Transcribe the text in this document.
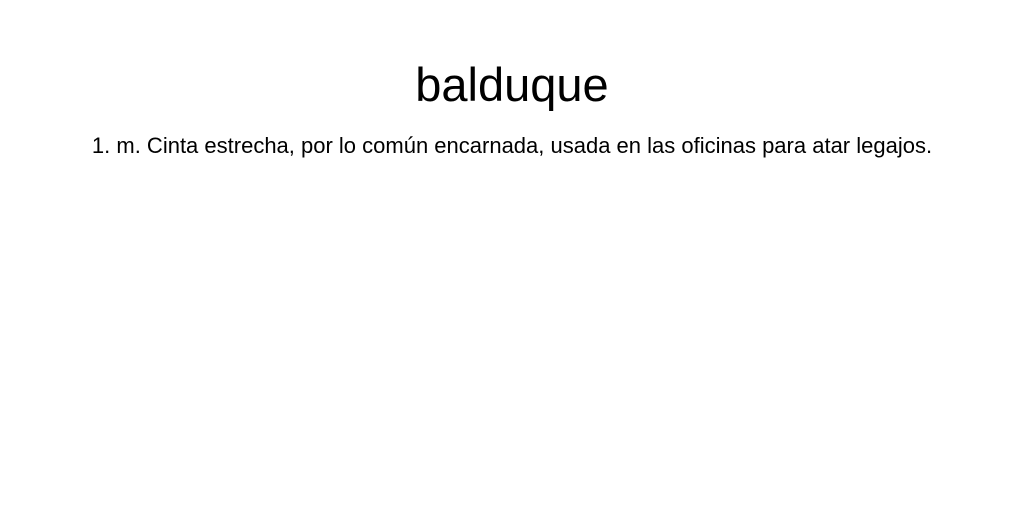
balduque

1. m. Cinta estrecha, por lo común encarnada, usada en las oficinas para atar legajos.
